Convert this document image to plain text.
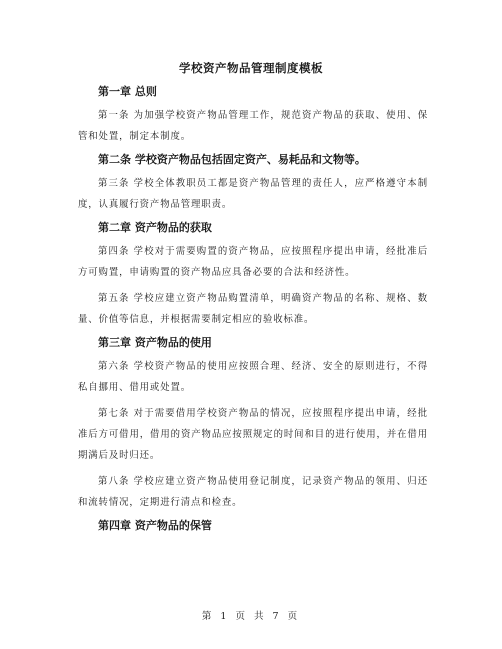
学校资产物品管理制度模板
第一章 总则
第一条 为加强学校资产物品管理工作，规范资产物品的获取、使用、保管和处置，制定本制度。
第二条 学校资产物品包括固定资产、易耗品和文物等。
第三条 学校全体教职员工都是资产物品管理的责任人，应严格遵守本制度，认真履行资产物品管理职责。
第二章 资产物品的获取
第四条 学校对于需要购置的资产物品，应按照程序提出申请，经批准后方可购置，申请购置的资产物品应具备必要的合法和经济性。
第五条 学校应建立资产物品购置清单，明确资产物品的名称、规格、数量、价值等信息，并根据需要制定相应的验收标准。
第三章 资产物品的使用
第六条 学校资产物品的使用应按照合理、经济、安全的原则进行，不得私自挪用、借用或处置。
第七条 对于需要借用学校资产物品的情况，应按照程序提出申请，经批准后方可借用，借用的资产物品应按照规定的时间和目的进行使用，并在借用期满后及时归还。
第八条 学校应建立资产物品使用登记制度，记录资产物品的领用、归还和流转情况，定期进行清点和检查。
第四章 资产物品的保管
第 1 页 共 7 页
